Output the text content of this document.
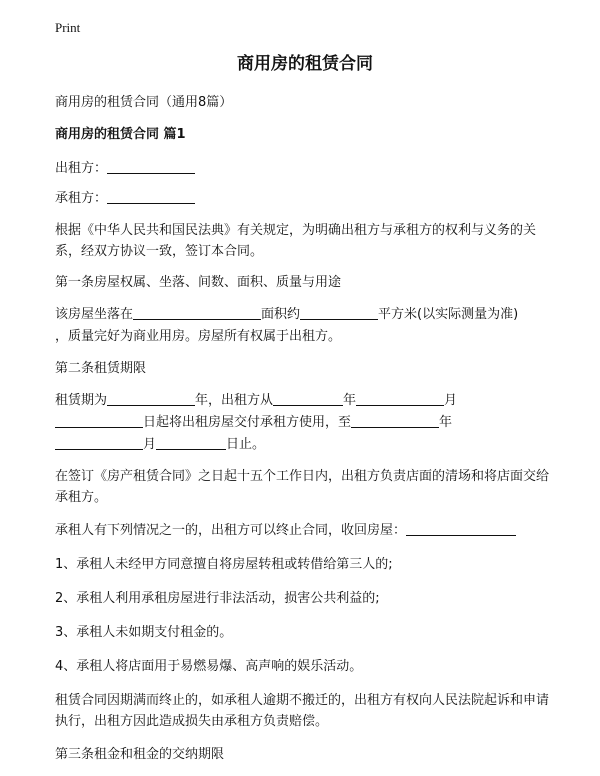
Print
商用房的租赁合同

商用房的租赁合同（通用8篇）

商用房的租赁合同 篇1

出租方：

承租方：

根据《中华人民共和国民法典》有关规定，为明确出租方与承租方的权利与义务的关系，经双方协议一致，签订本合同。

第一条房屋权属、坐落、间数、面积、质量与用途

该房屋坐落在	面积约	平方米(以实际测量为准)

，质量完好为商业用房。房屋所有权属于出租方。

第二条租赁期限

租赁期为	年，出租方从	年	月

日起将出租房屋交付承租方使用，至	年

月	日止。

在签订《房产租赁合同》之日起十五个工作日内，出租方负责店面的清场和将店面交给承租方。

承租人有下列情况之一的，出租方可以终止合同，收回房屋：

1、承租人未经甲方同意擅自将房屋转租或转借给第三人的;

2、承租人利用承租房屋进行非法活动，损害公共利益的;

3、承租人未如期支付租金的。

4、承租人将店面用于易燃易爆、高声响的娱乐活动。

租赁合同因期满而终止的，如承租人逾期不搬迁的，出租方有权向人民法院起诉和申请执行，出租方因此造成损失由承租方负责赔偿。

第三条租金和租金的交纳期限
